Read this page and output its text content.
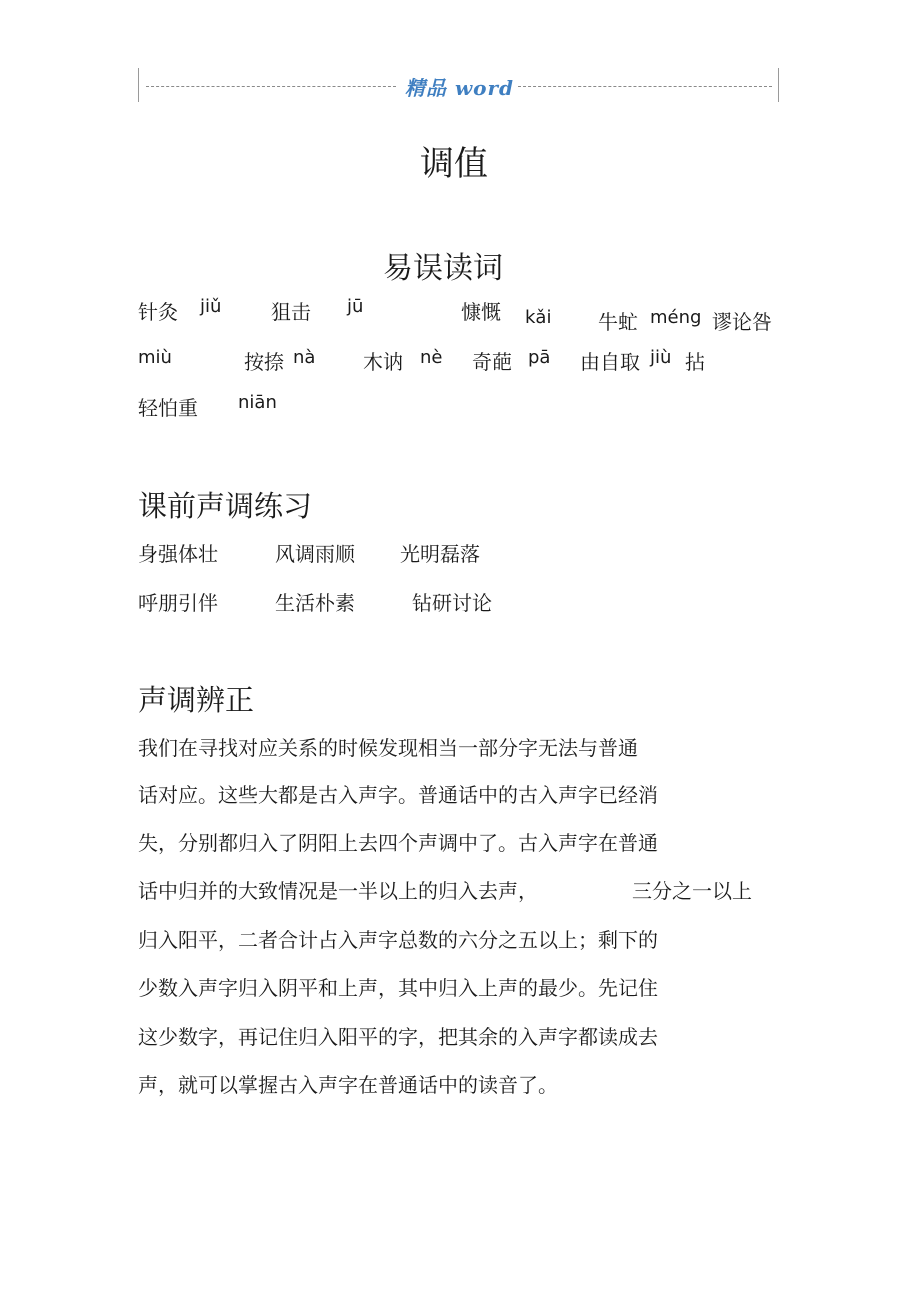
精品 word
调值
易误读词
针灸 jiǔ 狙击 jū	慷慨 kǎi 牛虻 méng 谬论咎
miù	按捺 nà 木讷 nè 奇葩 pā 由自取 jiù 拈
轻怕重 niān
课前声调练习
身强体壮	风调雨顺 光明磊落
呼朋引伴	生活朴素	钻研讨论
声调辨正
我们在寻找对应关系的时候发现相当一部分字无法与普通
话对应。这些大都是古入声字。普通话中的古入声字已经消
失，分别都归入了阴阳上去四个声调中了。古入声字在普通
话中归并的大致情况是一半以上的归入去声，	三分之一以上
归入阳平，二者合计占入声字总数的六分之五以上；剩下的
少数入声字归入阴平和上声，其中归入上声的最少。先记住
这少数字，再记住归入阳平的字，把其余的入声字都读成去
声，就可以掌握古入声字在普通话中的读音了。
